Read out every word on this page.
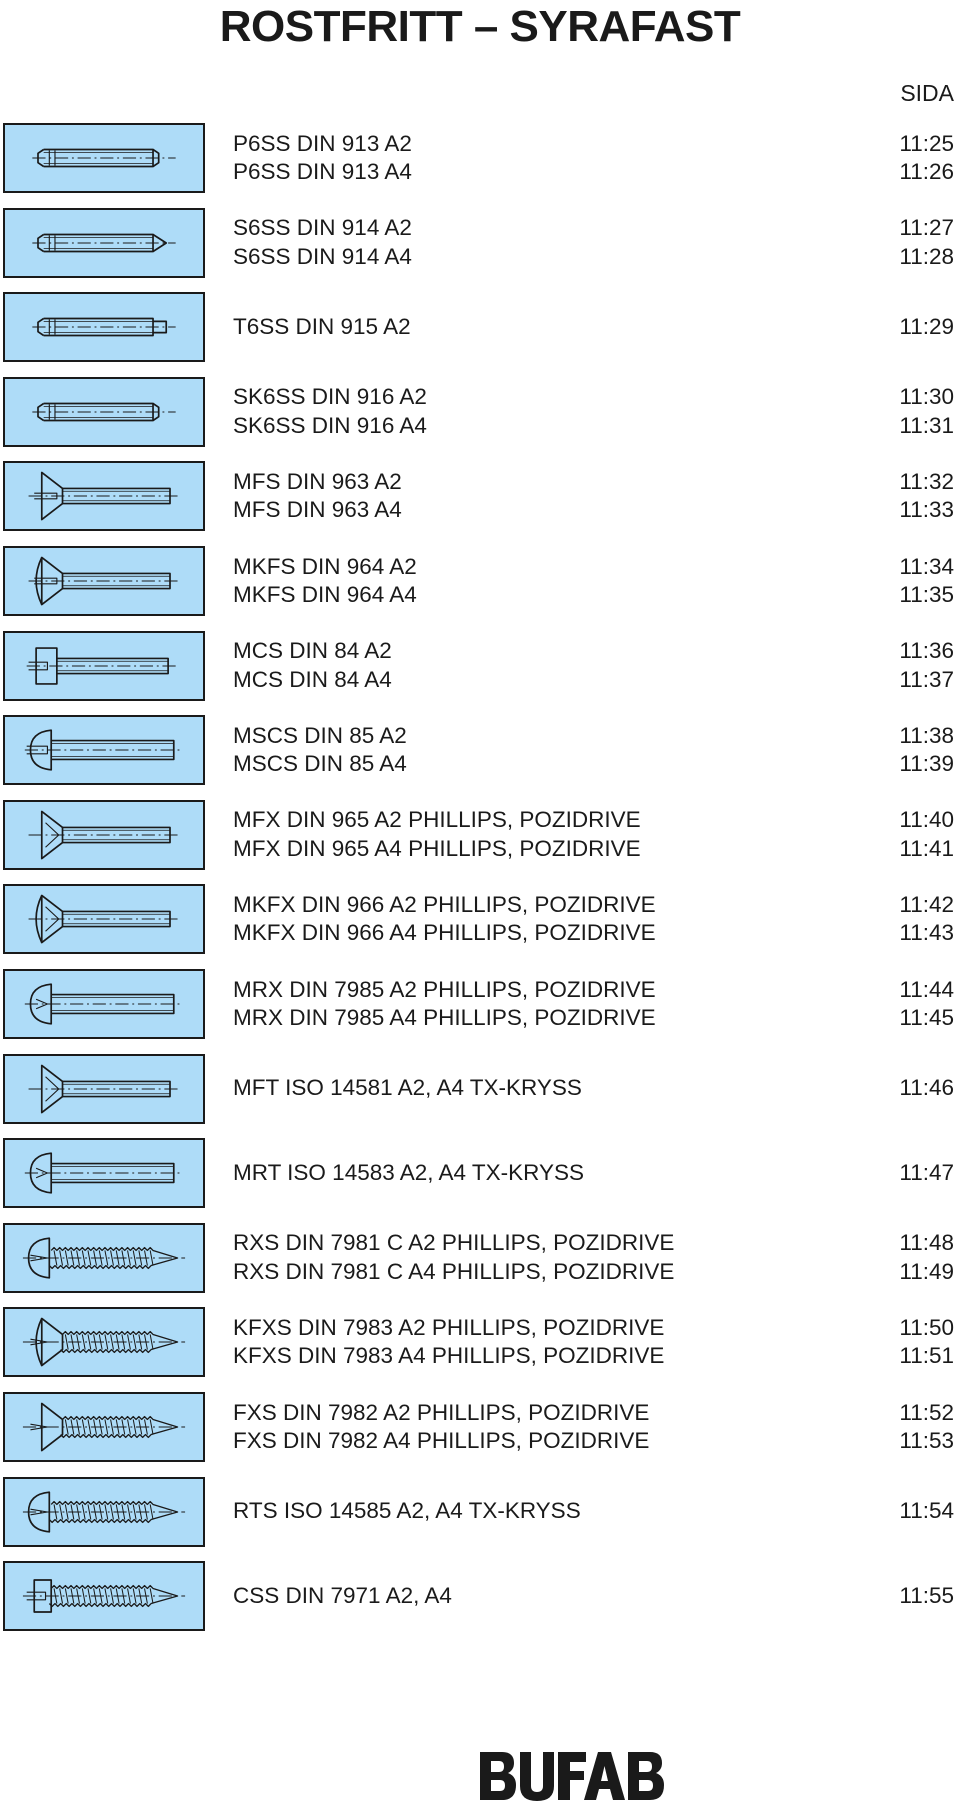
ROSTFRITT – SYRAFAST
SIDA
P6SS DIN 913 A2	11:25
P6SS DIN 913 A4	11:26
S6SS DIN 914 A2	11:27
S6SS DIN 914 A4	11:28
T6SS DIN 915 A2	11:29
SK6SS DIN 916 A2	11:30
SK6SS DIN 916 A4	11:31
MFS DIN 963 A2	11:32
MFS DIN 963 A4	11:33
MKFS DIN 964 A2	11:34
MKFS DIN 964 A4	11:35
MCS DIN 84 A2	11:36
MCS DIN 84 A4	11:37
MSCS DIN 85 A2	11:38
MSCS DIN 85 A4	11:39
MFX DIN 965 A2 PHILLIPS, POZIDRIVE	11:40
MFX DIN 965 A4 PHILLIPS, POZIDRIVE	11:41
MKFX DIN 966 A2 PHILLIPS, POZIDRIVE	11:42
MKFX DIN 966 A4 PHILLIPS, POZIDRIVE	11:43
MRX DIN 7985 A2 PHILLIPS, POZIDRIVE	11:44
MRX DIN 7985 A4 PHILLIPS, POZIDRIVE	11:45
MFT ISO 14581 A2, A4 TX-KRYSS	11:46
MRT ISO 14583 A2, A4 TX-KRYSS	11:47
RXS DIN 7981 C A2 PHILLIPS, POZIDRIVE	11:48
RXS DIN 7981 C A4 PHILLIPS, POZIDRIVE	11:49
KFXS DIN 7983 A2 PHILLIPS, POZIDRIVE	11:50
KFXS DIN 7983 A4 PHILLIPS, POZIDRIVE	11:51
FXS DIN 7982 A2 PHILLIPS, POZIDRIVE	11:52
FXS DIN 7982 A4 PHILLIPS, POZIDRIVE	11:53
RTS ISO 14585 A2, A4 TX-KRYSS	11:54
CSS DIN 7971 A2, A4	11:55
